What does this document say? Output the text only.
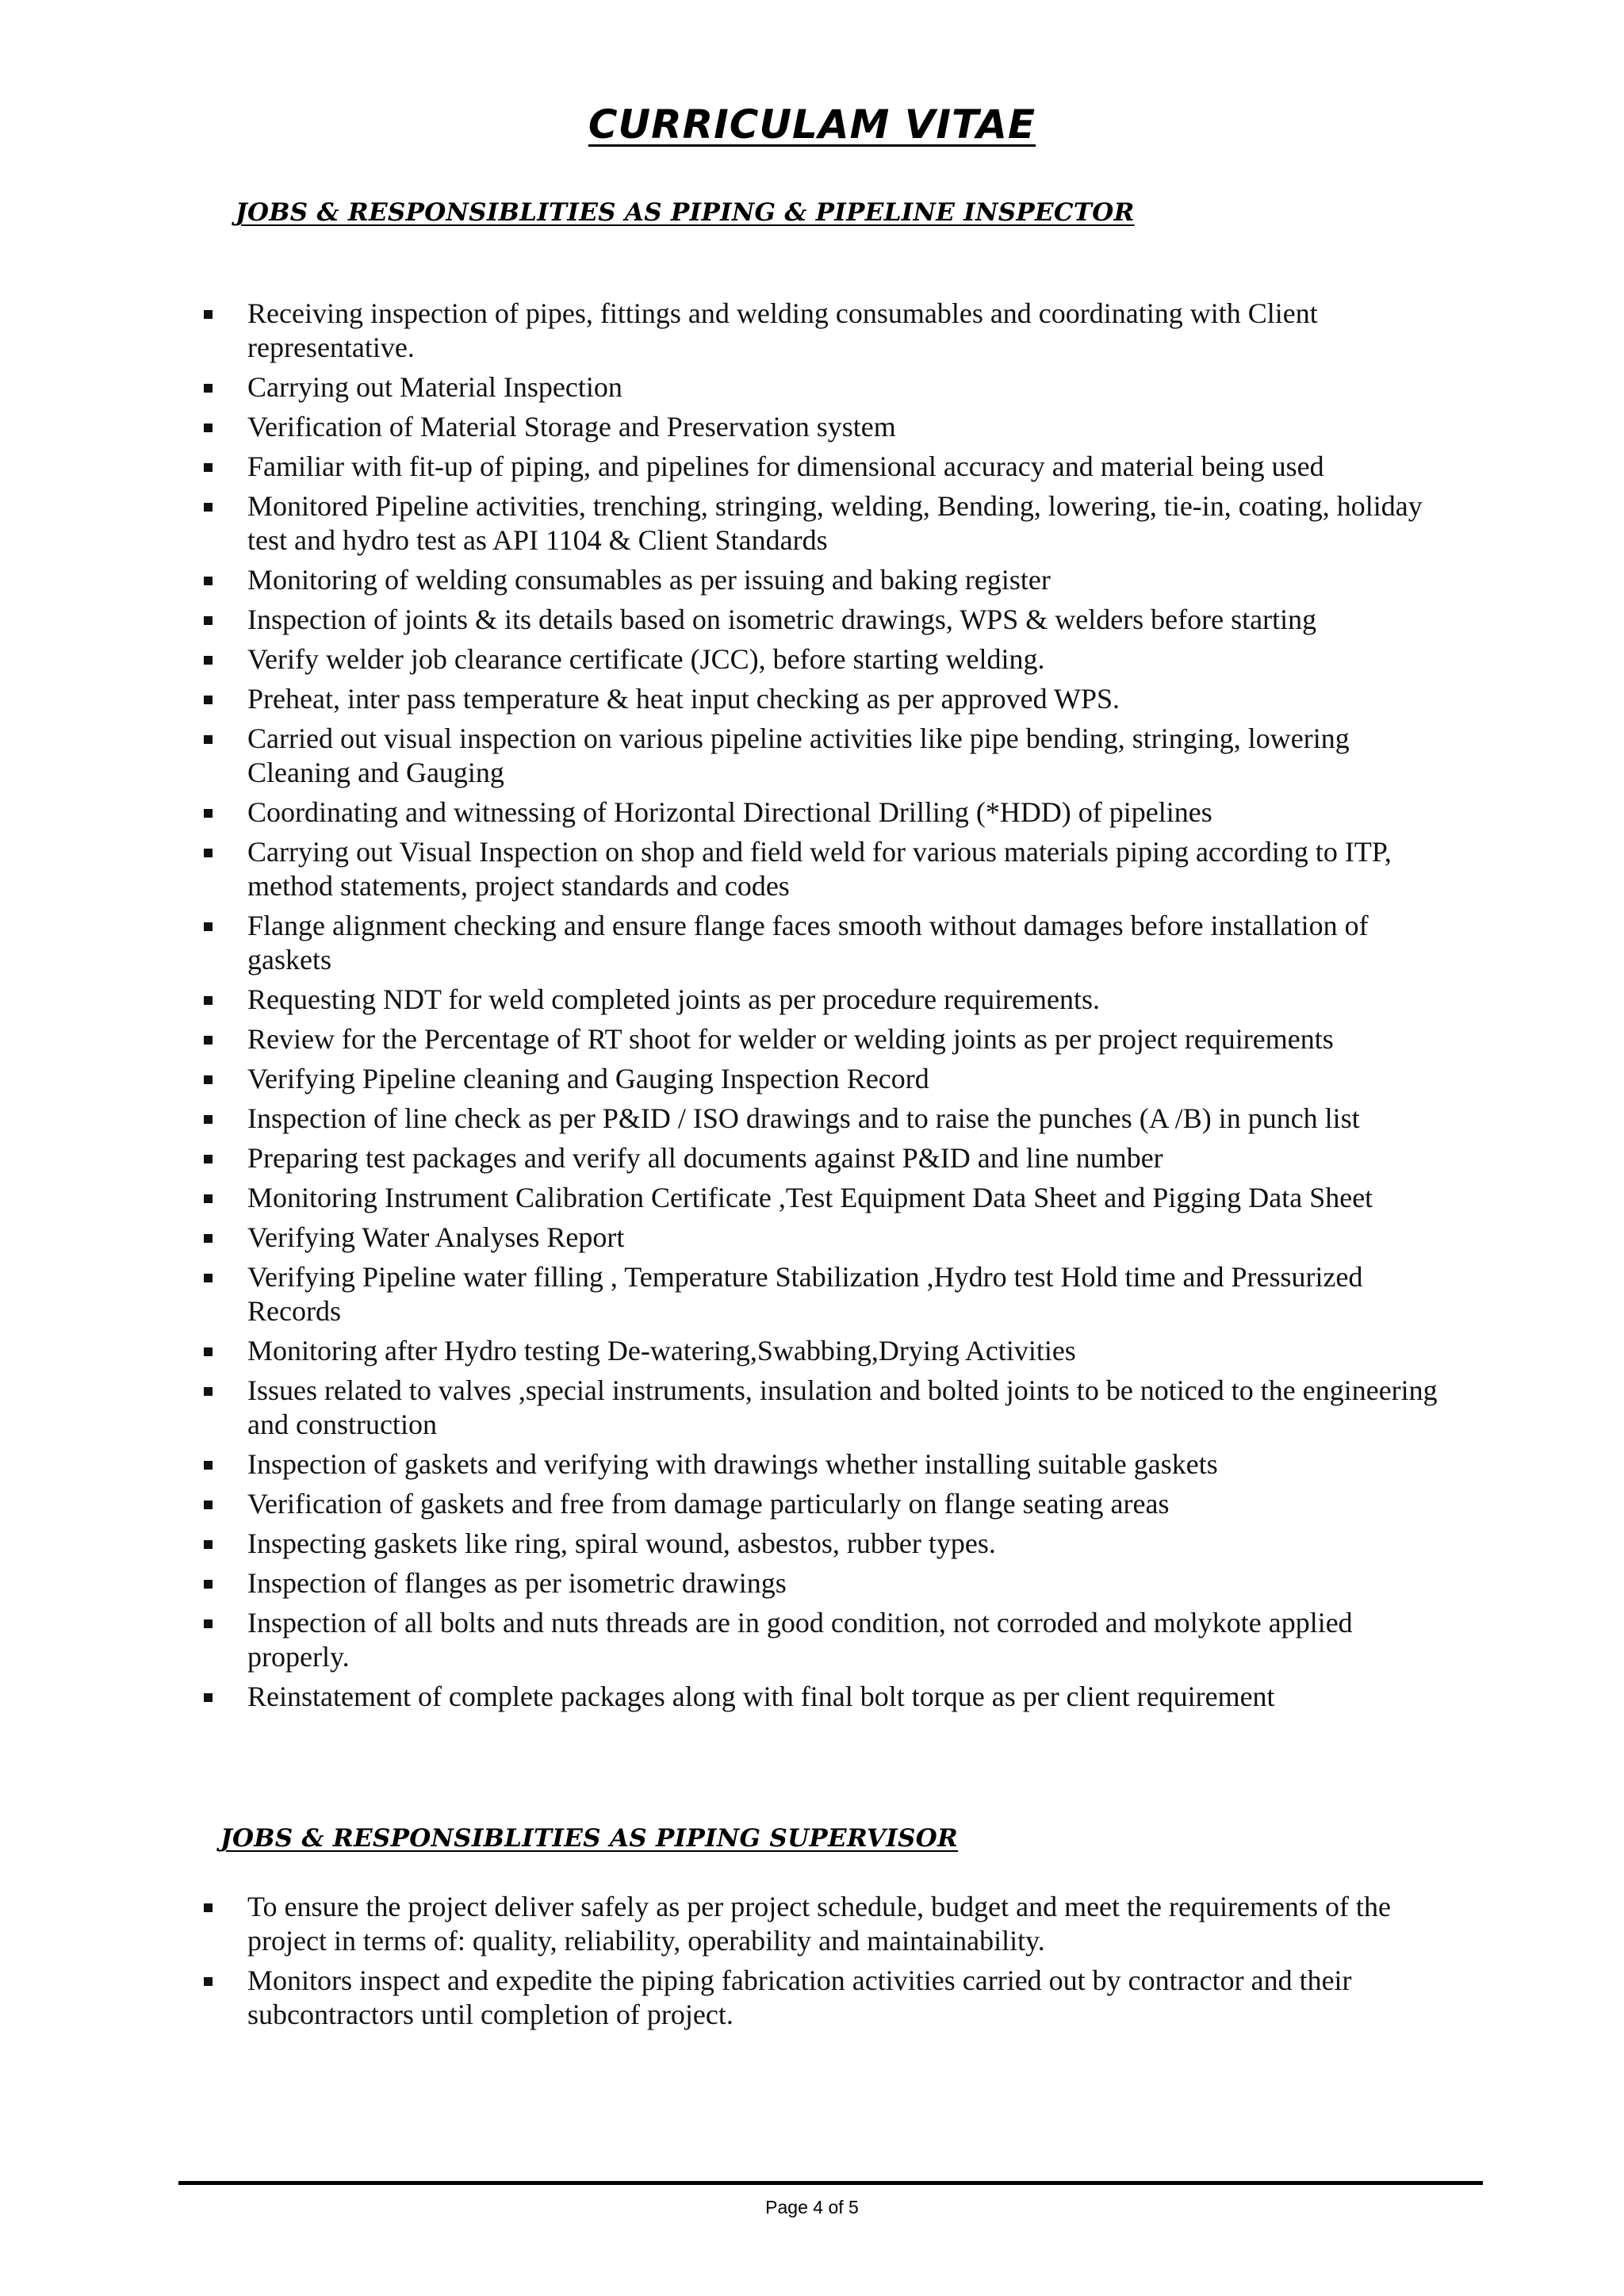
CURRICULAM VITAE
JOBS & RESPONSIBLITIES AS PIPING & PIPELINE INSPECTOR
Receiving inspection of pipes, fittings and welding consumables and coordinating with Client representative.
Carrying out Material Inspection
Verification of Material Storage and Preservation system
Familiar with fit-up of piping, and pipelines for dimensional accuracy and material being used
Monitored Pipeline activities, trenching, stringing, welding, Bending, lowering, tie-in, coating, holiday test and hydro test as API 1104 & Client Standards
Monitoring of welding consumables as per issuing and baking register
Inspection of joints & its details based on isometric drawings, WPS & welders before starting
Verify welder job clearance certificate (JCC), before starting welding.
Preheat, inter pass temperature & heat input checking as per approved WPS.
Carried out visual inspection on various pipeline activities like pipe bending, stringing, lowering Cleaning and Gauging
Coordinating and witnessing of Horizontal Directional Drilling (*HDD) of pipelines
Carrying out Visual Inspection on shop and field weld for various materials piping according to ITP, method statements, project standards and codes
Flange alignment checking and ensure flange faces smooth without damages before installation of gaskets
Requesting NDT for weld completed joints as per procedure requirements.
Review for the Percentage of RT shoot for welder or welding joints as per project requirements
Verifying Pipeline cleaning and Gauging Inspection Record
Inspection of line check as per P&ID / ISO drawings and to raise the punches (A /B) in punch list
Preparing test packages and verify all documents against P&ID and line number
Monitoring Instrument Calibration Certificate ,Test Equipment Data Sheet and Pigging Data Sheet
Verifying Water Analyses Report
Verifying Pipeline water filling , Temperature Stabilization ,Hydro test Hold time and Pressurized Records
Monitoring after Hydro testing De-watering,Swabbing,Drying Activities
Issues related to valves ,special instruments, insulation and bolted joints to be noticed to the engineering and construction
Inspection of gaskets and verifying with drawings whether installing suitable gaskets
Verification of gaskets and free from damage particularly on flange seating areas
Inspecting gaskets like ring, spiral wound, asbestos, rubber types.
Inspection of flanges as per isometric drawings
Inspection of all bolts and nuts threads are in good condition, not corroded and molykote applied properly.
Reinstatement of complete packages along with final bolt torque as per client requirement
JOBS & RESPONSIBLITIES AS PIPING SUPERVISOR
To ensure the project deliver safely as per project schedule, budget and meet the requirements of the project in terms of: quality, reliability, operability and maintainability.
Monitors inspect and expedite the piping fabrication activities carried out by contractor and their subcontractors until completion of project.
Page 4 of 5
